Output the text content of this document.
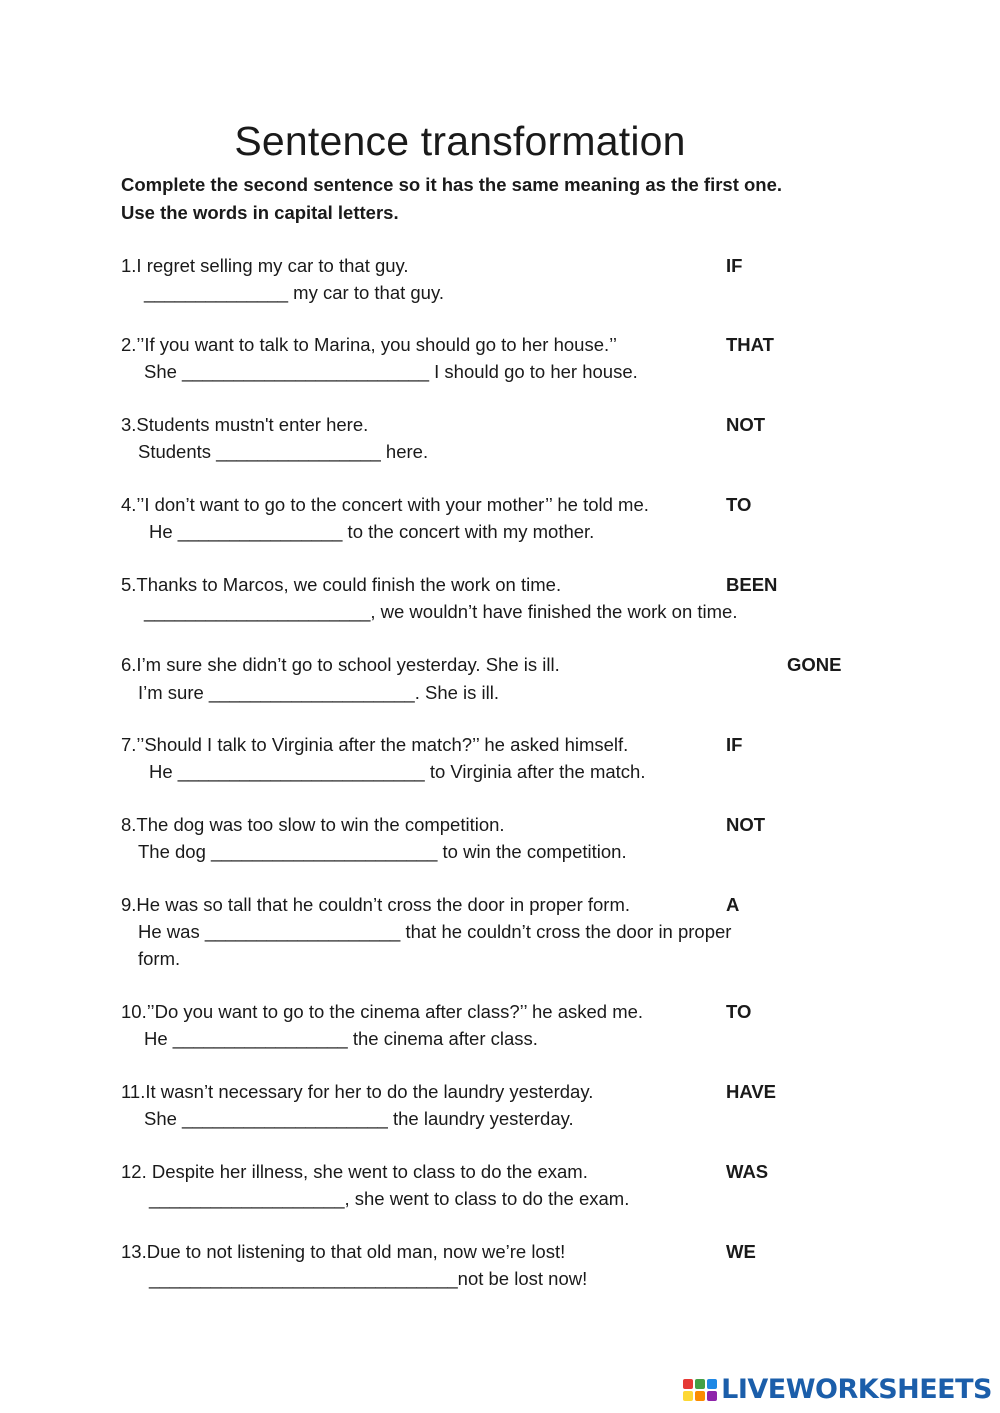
Sentence transformation
Complete the second sentence so it has the same meaning as the first one.
Use the words in capital letters.
1.I regret selling my car to that guy.	IF
______________ my car to that guy.
2.’’If you want to talk to Marina, you should go to her house.’’	THAT
She ________________________ I should go to her house.
3.Students mustn't enter here.	NOT
Students ________________ here.
4.’’I don’t want to go to the concert with your mother’’ he told me.	TO
He ________________ to the concert with my mother.
5.Thanks to Marcos, we could finish the work on time.	BEEN
______________________, we wouldn’t have finished the work on time.
6.I’m sure she didn’t go to school yesterday. She is ill.	GONE
I’m sure ____________________. She is ill.
7.’’Should I talk to Virginia after the match?’’ he asked himself.	IF
He ________________________ to Virginia after the match.
8.The dog was too slow to win the competition.	NOT
The dog ______________________ to win the competition.
9.He was so tall that he couldn’t cross the door in proper form.	A
He was ___________________ that he couldn’t cross the door in proper
form.
10.’’Do you want to go to the cinema after class?’’ he asked me.	TO
He _________________ the cinema after class.
11.It wasn’t necessary for her to do the laundry yesterday.	HAVE
She ____________________ the laundry yesterday.
12. Despite her illness, she went to class to do the exam.	WAS
___________________, she went to class to do the exam.
13.Due to not listening to that old man, now we’re lost!	WE
______________________________not be lost now!
LIVEWORKSHEETS
